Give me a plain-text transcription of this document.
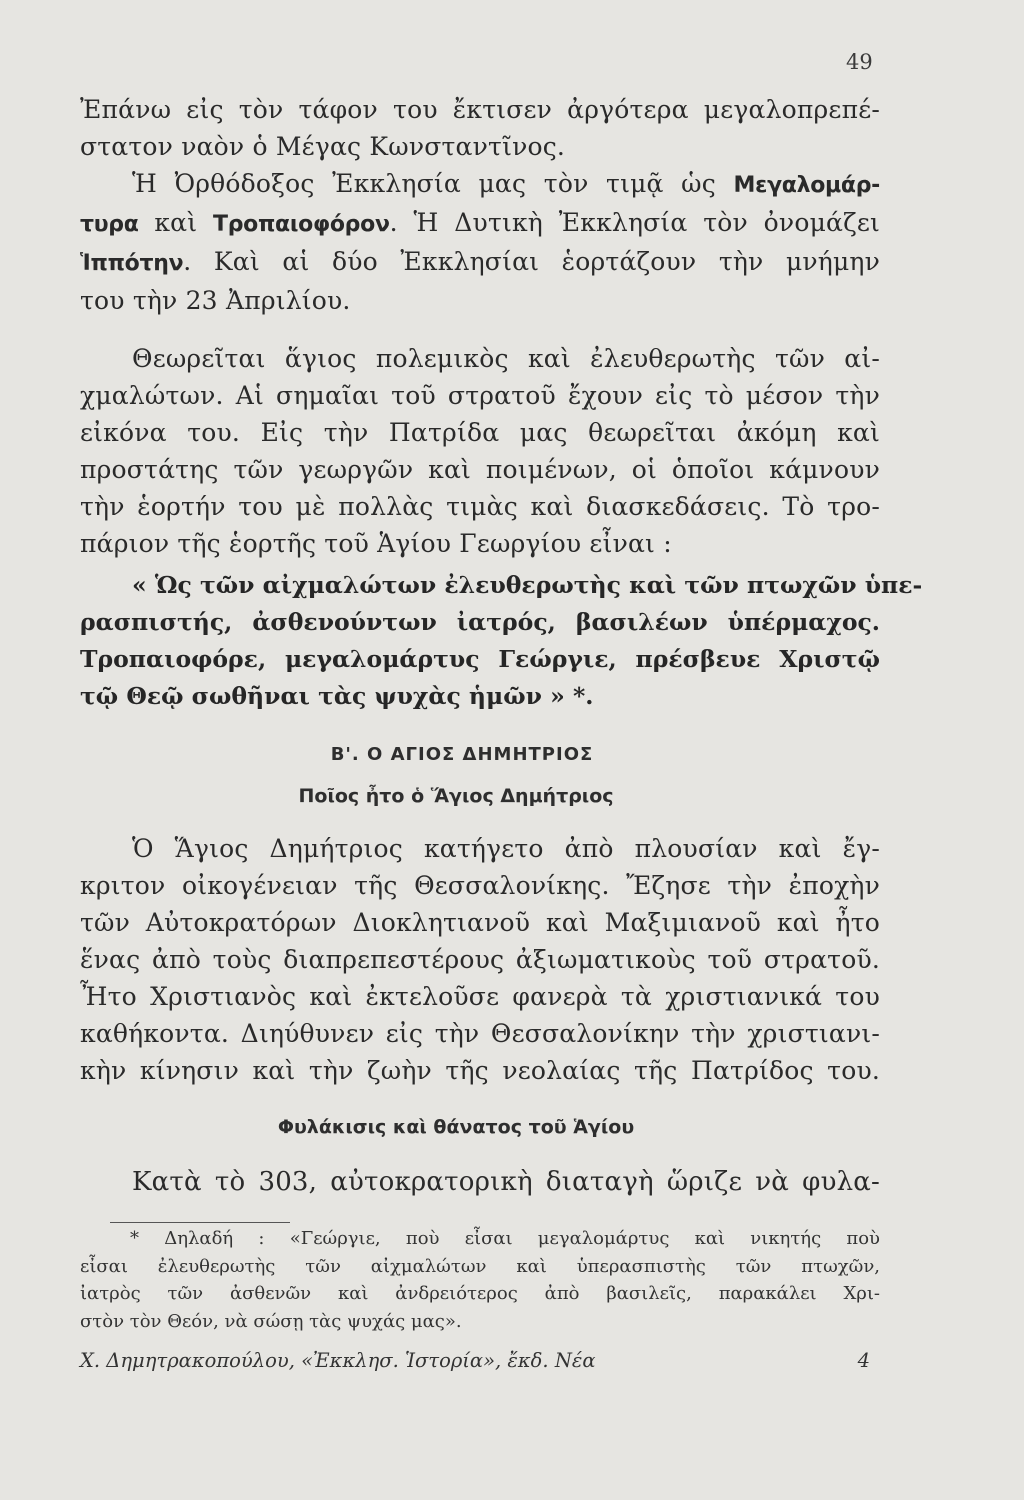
49
Ἐπάνω εἰς τὸν τάφον του ἔκτισεν ἀργότερα μεγαλοπρεπέ-
στατον ναὸν ὁ Μέγας Κωνσταντῖνος.
Ἡ Ὀρθόδοξος Ἐκκλησία μας τὸν τιμᾷ ὡς Μεγαλομάρ-
τυρα καὶ Τροπαιοφόρον. Ἡ Δυτικὴ Ἐκκλησία τὸν ὀνομάζει
Ἱππότην. Καὶ αἱ δύο Ἐκκλησίαι ἑορτάζουν τὴν μνήμην
του τὴν 23 Ἀπριλίου.
Θεωρεῖται ἅγιος πολεμικὸς καὶ ἐλευθερωτὴς τῶν αἰ-
χμαλώτων. Αἱ σημαῖαι τοῦ στρατοῦ ἔχουν εἰς τὸ μέσον τὴν
εἰκόνα του. Εἰς τὴν Πατρίδα μας θεωρεῖται ἀκόμη καὶ
προστάτης τῶν γεωργῶν καὶ ποιμένων, οἱ ὁποῖοι κάμνουν
τὴν ἑορτήν του μὲ πολλὰς τιμὰς καὶ διασκεδάσεις. Τὸ τρο-
πάριον τῆς ἑορτῆς τοῦ Ἁγίου Γεωργίου εἶναι :
« Ὡς τῶν αἰχμαλώτων ἐλευθερωτὴς καὶ τῶν πτωχῶν ὑπε-
ρασπιστής, ἀσθενούντων ἰατρός, βασιλέων ὑπέρμαχος.
Τροπαιοφόρε, μεγαλομάρτυς Γεώργιε, πρέσβευε Χριστῷ
τῷ Θεῷ σωθῆναι τὰς ψυχὰς ἡμῶν » *.
Β'. Ο ΑΓΙΟΣ ΔΗΜΗΤΡΙΟΣ
Ποῖος ἦτο ὁ Ἅγιος Δημήτριος
Ὁ Ἅγιος Δημήτριος κατήγετο ἀπὸ πλουσίαν καὶ ἔγ-
κριτον οἰκογένειαν τῆς Θεσσαλονίκης. Ἔζησε τὴν ἐποχὴν
τῶν Αὐτοκρατόρων Διοκλητιανοῦ καὶ Μαξιμιανοῦ καὶ ἦτο
ἕνας ἀπὸ τοὺς διαπρεπεστέρους ἀξιωματικοὺς τοῦ στρατοῦ.
Ἦτο Χριστιανὸς καὶ ἐκτελοῦσε φανερὰ τὰ χριστιανικά του
καθήκοντα. Διηύθυνεν εἰς τὴν Θεσσαλονίκην τὴν χριστιανι-
κὴν κίνησιν καὶ τὴν ζωὴν τῆς νεολαίας τῆς Πατρίδος του.
Φυλάκισις καὶ θάνατος τοῦ Ἁγίου
Κατὰ τὸ 303, αὐτοκρατορικὴ διαταγὴ ὥριζε νὰ φυλα-
* Δηλαδή : «Γεώργιε, ποὺ εἶσαι μεγαλομάρτυς καὶ νικητής ποὺ
εἶσαι ἐλευθερωτὴς τῶν αἰχμαλώτων καὶ ὑπερασπιστὴς τῶν πτωχῶν,
ἰατρὸς τῶν ἀσθενῶν καὶ ἀνδρειότερος ἀπὸ βασιλεῖς, παρακάλει Χρι-
στὸν τὸν Θεόν, νὰ σώσῃ τὰς ψυχάς μας».
Χ. Δημητρακοπούλου, «Ἐκκλησ. Ἱστορία», ἔκδ. Νέα	4
